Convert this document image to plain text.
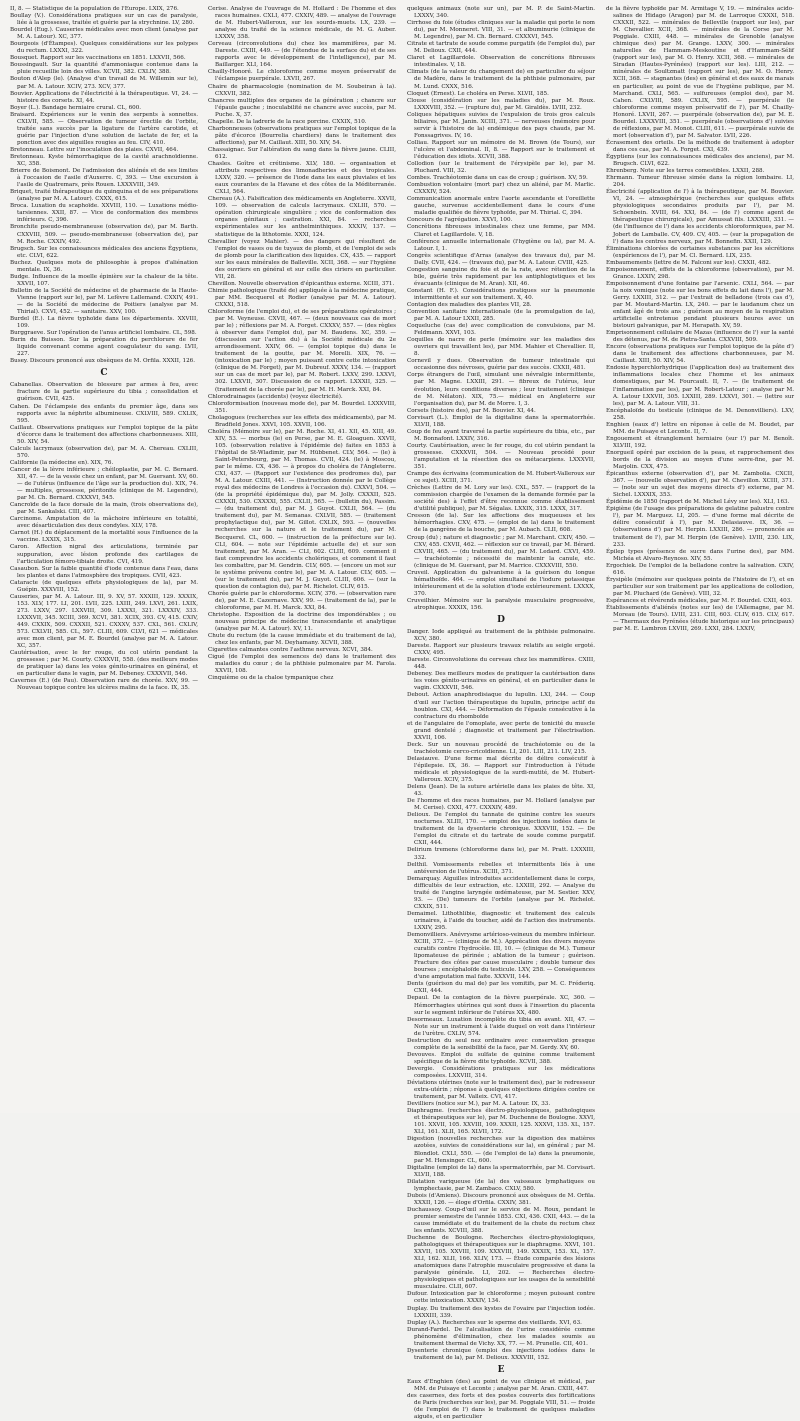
II, 8. — Statistique de la population de l'Europe. LXIX, 276.

Boullay (V.). Considérations pratiques sur un cas de paralysie, liée à la grossesse, traitée et guérie par la strychnine. LV, 280.

Bourdel (Eug.). Causeries médicales avec mon client (analyse par M. A. Latour). XC, 377.

Bourgeois (d'Étampes). Quelques considérations sur les polypes du rectum. LXXXI, 322.

Bousquet. Rapport sur les vaccinations en 1851. LXXVII, 566.

Boussingault. Sur la quantité d'ammoniaque contenue dans la pluie recueillie loin des villes. XCVII, 382. CXLIV, 388.

Bouton d'Alep (le). (Analyse d'un travail de M. Willemin sur le), par M. A. Latour. XCIV, 273. XCV, 377.

Bouvier. Applications de l'électricité à la thérapeutique. VI, 24. — histoire des corsets. XI, 44.

Boyer (L.). Bandage herniaire crural. CL, 600.

Braisard. Expériences sur le venin des serpents à sonnettes. CXLVII, 585. — Observation de tumeur érectile de l'orbite, traitée sans succès par la ligature de l'artère carotide, et guérie par l'injection d'une solution de lactate de fer, et la ponction avec des aiguilles rougies au feu. CIV, 410.

Bretonneau. Lettre sur l'inoculation des plaies. CXVII, 464.

Bretonneau. Kyste hémorrhagique de la cavité arachnoïdienne. XC, 358.

Brierre de Boismont. De l'admission des aliénés et de ses limites à l'occasion de l'asile d'Auxerre. C, 393. — Une excursion à l'asile de Quatremars, près Rouen. LXXXVIII, 349.

Briquet, traité thérapeutique du quinquina et de ses préparations (analyse par M. A. Latour). CXXX, 615.

Broca. Luxation du scaphoïde. XXVIII, 110. — Luxations médio-tarsiennes. XXII, 87. — Vice de conformation des membres inférieurs. C, 396.

Bronchite pseudo-membraneuse (observation de), par M. Barth. CXXVIII, 509. — pseudo-membraneuse (observation de), par M. Roche. CXXIV, 492.

Brugsch. Sur les connaissances médicales des anciens Égyptiens, etc. CLVI, 622.

Buchez. Quelques mots de philosophie à propos d'aliénation mentale. IX, 36.

Budge. Influence de la moelle épinière sur la chaleur de la tête. XXVII, 107.

Bulletin de la Société de médecine et de pharmacie de la Haute-Vienne (rapport sur le), par M. Lefèvre Lallemand. CXXIV, 491. — de la Société de médecine de Poitiers (analyse par M. Thirial). CXVI, 452. — sanitaire. XXV, 100.

Burdel (E.). La fièvre typhoïde dans les départements. XXVIII, 109.

Burggraeve. Sur l'opération de l'anus artificiel lombaire. CL, 598.

Burin du Buisson. Sur la préparation du perchlorure de fer liquide convenant comme agent coagulateur du sang. LVII, 227.

Busey. Discours prononcé aux obsèques de M. Orfila. XXXII, 126.

C

Cabanellas. Observation de blessure par armes à feu, avec fracture de la partie supérieure du tibia ; consolidation et guérison. CVII, 425.

Cahen. De l'éclampsie des enfants du premier âge, dans ses rapports avec la néphrite albumineuse. CXLVIII, 589. CXLIX, 595.

Caillaut. Observations pratiques sur l'emploi topique de la pâte d'écorce dans le traitement des affections charbonneuses. XIII, 50. XIV, 54.

Calculs lacrymaux (observation de), par M. A. Chereau. CXLIII, 570.

Californie (la médecine en). XIX, 76.

Cancer de la lèvre inférieure ; chéiloplastie, par M. C. Bernard. XII, 47. — de la vessie chez un enfant, par M. Guersant. XV, 60. — de l'utérus (influence de l'âge sur la production du). XIX, 74. — multiples, grossesse, péritonite (clinique de M. Legendre), par M. Ch. Bernard. CXXXVI, 545.

Cancroïde de la face dorsale de la main, (trois observations de), par M. Sankalski. CIII, 407.

Carcinome. Amputation de la mâchoire inférieure en totalité, avec désarticulation des deux condyles. XLV, 178.

Carnot (H.) du déplacement de la mortalité sous l'influence de la vaccine. LXXIX, 315.

Caron. Affection nigral des articulations, terminée par suppuration, avec lésion profonde des cartilages de l'articulation fémoro-tibiale droite. CVI, 419.

Casaubon. Sur la faible quantité d'iode contenue dans l'eau, dans les plantes et dans l'atmosphère des tropiques. CVII, 423.

Cataracte (de quelques effets physiologiques de la), par M. Guépin. XXXVIII, 152.

Causeries, par M. A. Latour. III, 9. XV, 57. XXXIII, 129. XXXIX, 153. XLV, 177. LI, 201. LVII, 225. LXIII, 249. LXVI, 261. LXIX, 273. LXXV, 297. LXXVIII, 309. LXXXI, 321. LXXXIV, 333. LXXXVII, 345. XCIII, 369. XCVI, 381. XCIX, 393. CV, 415. CXIV, 449. CXXIX, 509. CXXXII, 521. CXXXV, 537. CXL, 561. CXLIV, 573. CXLVII, 585. CL, 597. CLIII, 609. CLVI, 621 — médicales avec mon client, par M. E. Bourdel (analyse par M. A. Latour. XC, 357.

Cautérisation, avec le fer rouge, du col utérin pendant la grossesse ; par M. Courty. CXXXVII, 558. (des meilleurs modes de pratiquer la) dans les voies génito-urinaires en général, et en particulier dans le vagin, par M. Debeney. CXXXVII, 546.

Cavernes (E.) (de Pau). Observation rare de chorée. XXV, 99. — Nouveau topique contre les ulcères malins de la face. IX, 35.

Cerise. Analyse de l'ouvrage de M. Hollard : De l'homme et des races humaines. CXLI, 477. CXXIV, 489. — analyse de l'ouvrage de M. Hubert-Valleroux, sur les sourds-muets. LX, 239. — analyse du traité de la science médicale, de M. G. Auber. LXXXV, 358.

Cerveau (circonvolutions du) chez les mammifères, par M. Dareste. CXIII, 449. — (de l'étendue de la surface du) et de ses rapports avec le développement de l'intelligence), par M. Baillarger. XLI, 164.

Chailly-Honoré. Le chloroforme comme moyen préservatif de l'éclampsie puerpérale. LXVII, 267.

Chaire de pharmacologie (nomination de M. Soubeiran à la). CXXVII, 382.

Chancres multiples des organes de la génération ; chancre sur l'épaule gauche ; inoculabilité ne chancre avec succès, par M. Puche. X, 37.

Chapelle. De la ladrerie de la race porcine. CXXIX, 510.

Charbonneuses (observations pratiques sur l'emploi topique de la pâte d'écorce (Bourrelia chardiers) dans le traitement des affections), par M. Caillaut. XIII, 50. XIV, 54.

Chassaignac. Sur l'altération du sang dans la fièvre jaune. CLIII, 612.

Chasles. Goître et crétinisme. XLV, 180. — organisation et attributs respectives des limonadheries et des tropicales. LXXV, 320. — présence de l'iode dans les eaux pluviales et les eaux courantes de la Havane et des côtes de la Méditerranée. CXLI, 564.

Chereau (A.). Falsification des médicaments en Angleterre. XXVII, 109. — observation de calculs lacrymaux. CXLIII, 570. — opération chirurgicale singulière ; vice de conformation des organes génitaux ; castration. XXI, 84. — recherches expérimentales sur les anthelminthiques. XXXIV, 137. — statistique de la lithotomie. XXXI, 124.

Chevallier (voyez Mahier). — des dangers qui résultent de l'emploi de vases ou de tuyaux de plomb, et de l'emploi de sels de plomb pour la clarification des liquides. CX, 435. — rapport sur les eaux minérales de Balleville. XCII, 368. — sur l'hygiène des ouvriers en général et sur celle des ciriers en particulier. VII, 28.

Chevillon. Nouvelle observation d'épicanthus externe. XCIII, 371.

Chimie pathologique (traité de) appliquée à la médecine pratique, par MM. Becquerel et Rodier (analyse par M. A. Latour). CXXXI, 518.

Chloroforme (de l'emploi du), et de ses préparations opératoires ; par M. Veyneuse. CXVII, 467. — (deux nouveaux cas de mort par le) ; réflexions par M. A. Forget. CXXXV, 557. — (des règles à observer dans l'emploi du), par M. Baudens. XC, 359. — (discussion sur l'action du) à la Société médicale du 2e arrondissement. XXIV, 66. — (emploi topique du) dans le traitement de la goutte, par M. Morelli. XIX, 76. — (intoxication par le) ; moyen puissant contre cette intoxication (clinique de M. Forget), par M. Dubreuf. XXXV, 134. — (rapport sur un cas de mort par le), par M. Robert. LXXV, 299. LXXVI, 302. LXXVII, 307. Discussion de ce rapport. LXXXII, 325. — (traitement de la chorée par le), par M. H. Marck. XXI, 84.

Chlorodrainages (accidents) (voyez électricité).

Chloroformisation (nouveau mode de), par M. Bourdel. LXXXVIII, 351.

Cholagogues (recherches sur les effets des médicaments), par M. Bradfield Jones. XXVI, 105. XXVII, 106.

Choléra (Mémoire sur le), par M. Roche. XI, 41. XII, 45. XIII, 49. XIV, 53. — morbus (le) en Perse, par M. E. Gloaguen. XXVII, 105. (observation relative à l'épidémie de) faites en 1853 à l'hôpital de St-Wladimir, par M. Hübbenet. CLV, 564. — (le) à Saint-Petersbourg, par M. Thomas. CVII, 424. (le) à Moscou, par le même. CX, 436. — à propos du choléra de l'Angleterre. CXI, 437. — (Rapport sur l'existence des prodromes du), par M. A. Latour. CXIII, 441. — (Instruction donnée par le Collège royal des médecins de Londres à l'occasion du). CXXVI, 504. — (de la propriété épidémique du), par M. Jolly. CXXXII, 525. CXXXII, 530. CXXXXI, 555. CXLII, 565. — (bulletin du), Passim. — (du traitement du), par M. J. Guyot. CXLII, 564. — (du traitement du), par M. Semanas. CXLVII, 585. — (traitement prophylactique du), par M. Gillot. CXLIX, 593. — (nouvelles recherches sur la nature et le traitement du), par M. Becquerel. CL, 600. — (instruction de la préfecture sur le). CLI, 604. — note sur l'épidémie actuelle de) et sur son traitement, par M. Aran. — CLI, 602. CLIII, 609. comment il faut comprendre les accidents cholériques, et comment il faut les combattre, par M. Gendrin. CLV, 605. — (encore un mot sur le système prévenu contre le), par M. A. Latour. CLV, 605. — (sur le traitement du), par M. J. Guyot. CLIII, 606. — (sur la question de contagion du), par M. Richelot. CLIV, 615.

Chorée guérie par le chloroforme. XCIV, 376. — (observation rare de), par M. E. Cazernave. XXV, 99. — (traitement de la), par le chloroforme, par M. H. Marck. XXI, 84.

Christophe. Exposition de la doctrine des impondérables ; ou nouveau principe de médecine transcendante et analytique (analyse par M. A. Latour). XV, 11.

Chute du rectum (de la cause immédiate et du traitement de la), chez les enfants, par M. Deyhamany. XCVII, 388.

Cigarettes calmantes contre l'asthme nerveux. XCVI, 384.

Cigué (de l'emploi des semences de) dans le traitement des maladies du cœur ; de la phthisie pulmonaire par M. Farola. XXVII, 108.

Cinquième ou de la chaloe tympanique chez

quelques animaux (note sur un), par M. P. de Saint-Martin. LXXXV, 340.

Cirrhose du foie (études cliniques sur la maladie qui porte le nom du), par M. Monneret. VIII, 31. — et albuminurie (clinique de M. Legendre), par M. Ch. Bernard. CXXXVI, 545.

Citrate et tartrate de soude comme purgatifs (de l'emploi du), par M. Delioux. CXII, 444.

Claret et Lagillardole. Observation de concrétions fibreuses intestinales. V, 18.

Climats (de la valeur du changement de) en particulier du séjour de Madère, dans le traitement de la phthisie pulmonaire, par M. Lund. CXXX, 516.

Cloquet (Ernest). Le choléra en Perse. XLVII, 185.

Clouse (considération sur les maladies du), par M. Roux. LXXXVIII, 352. — (rupture du), par M. Giraldès. LVIII, 232.

Coliques hépatiques suivies de l'expulsion de trois gros calculs biliaires, par M. Janin. XCIII, 371. — nerveuses (mémoire pour servir à l'histoire de la) endémique des pays chauds, par M. Fonssagrives. IV, 16.

Colliau. Rapport sur un mémoire de M. Brown (de Tours), sur l'ulcère et l'abdominal. II, 8. — Rapport sur le traitement et l'éducation des idiots. XCVII, 388.

Collodion (sur le traitement de l'érysipèle par le), par M. Pluchard. VIII, 32.

Combes. Trachéotomie dans un cas de croup ; guérison. XV, 59.

Combustion volontaire (mort par) chez un aliéné, par M. Marlic. CXXXIV, 524.

Communication anormale entre l'aorte ascendante et l'oreillette gauche, survenue accidentellement dans le cours d'une maladie qualifiée de fièvre typhoïde, par M. Thirial. C, 394.

Concours de l'agrégation. XXVI, 100.

Concrétions fibreuses intestinales chez une femme, par MM. Claret et Lagillardole. V, 18.

Conférence annuelle internationale (l'hygiène ou la), par M. A. Latour. I, 1.

Congrès scientifique d'Arras (analyse des travaux du), par M. Dally. CVII, 424. — (travaux du), par M. A. Latour. CVIII, 425.

Congestion sanguine du foie et de la rate, avec rétention de la bile, guérie très rapidement par les antiphlogistiques et les évacuants (clinique de M. Aran). XII, 46.

Constant (H. F.). Considérations pratiques sur la pneumonie intermittente et sur son traitement. X, 40.

Contagion des maladies des plantes VII, 28.

Convention sanitaire internationale (de la promulgation de la), par M. A. Latour LXXII, 285.

Coqueluche (cas de) avec complication de convulsions, par M. Feldmann. XXVI, 103.

Coquilles de nacre de perle (mémoire sur les maladies des ouvriers qui travaillent les), par MM. Mahier et Chevallier. II, 8.

Cornevil y dues. Observation de tumeur intestinale qui occasionne des névroses, guérie par des succès. CXXII, 481.

Corps étrangers de l'œil, simulant une névralgie intermittente, par M. Magne. LXXIII, 291. — fibreux de l'utérus, leur évolution, leurs conditions diverses ; leur traitement (clinique de M. Nélaton). XIX, 75.— médical en Angleterre sur l'organisation du), par M. de Morre. I, 3.

Corsets (histoire des), par M. Bouvier. XI, 44.

Corvisart (L.). Emploi de la digitaline dans la spermatorrhée. XLVII, 188.

Coup de feu ayant traversé la partie supérieure du tibia, etc., par M. Bonnafont. LXXIV, 316.

Courty. Cautérisation, avec le fer rouge, du col utérin pendant la grossesse. CXXXVII, 504. — Nouveau procédé pour l'amputation et la résection des os métacarpiens. LXXXVII, 351.

Crampe des écrivains (communication de M. Hubert-Valleroux sur ce sujet). XCIII, 371.

Crèches (Lettre de M. Lory sur les). CXL, 557. — (rapport de la commission chargée de l'examen de la demande formée par la société des) à l'effet d'être reconnue comme établissement d'utilité publique), par M. Ségalas. LXXIX, 315. LXXX, 317.

Cresson (de la). Sur les affections des muqueuses et les hémorrhagies. CXV, 475. — (emploi de la) dans le traitement de la gangrène de la bouche, par M. Aubach. CLII, 608.

Croup (du) ; nature et diagnostic ; par M. Marchant. CXIV, 450. — CXV, 455. CXVII, 462. — réflexion sur ce travail, par M. Bérard. CXVIII, 465. — (du traitement du), par M. Ledard. CXVI, 459. — trachéotomie ; nécessité de maintenir la canule, etc. (clinique de M. Guersant, par M. Marrice. CXXXVIII, 550.

Cruveil. Application du galvanisme à la guérison du longue hémathoïde. 464. — emploi simultané de l'iodure potassique intérieurement et de la solution d'iode extérieurement. LXXXX, 370.

Cruveilhier. Mémoire sur la paralysie musculaire progressive, atrophique. XXXIX, 156.

D

Danger. Iode appliqué au traitement de la phthisie pulmonaire. XCV, 380.

Dareste. Rapport sur plusieurs travaux relatifs au seigle ergoté. CXXV, 495.

Dareste. Circonvolutions du cerveau chez les mammifères. CXIII, 448.

Debeney. Des meilleurs modes de pratiquer la cautérisation dans les voies génito-urinaires en général, et en particulier dans le vagin. CXXXVII, 546.

Debout. Action anaphrodisiaque du lupulin. LXI, 244. — Coup d'œil sur l'action thérapeutique du lupulin, principe actif du houblon. CXI, 444. — Déformation de l'épaule consécutive à la contracture du rhomboïde

et de l'angulaire de l'omoplate, avec perte de tonicité du muscle grand dentelé ; diagnostic et traitement par l'électrisation. XXVII, 106.

Deck. Sur un nouveau procédé de trachéotomie ou de la trachéotomie cerco-cricoïdienne. LI, 201. LIII, 211. LIV, 215.

Delasiauve. D'une forme mal décrite de délire consécutif à l'épilepsie. IX, 36. — Rapport sur l'introduction à l'étude médicale et physiologique de la surdi-mutité, de M. Hubert-Valleroux. XCIV, 375.

Delens (Jean). De la suture artérielle dans les plaies de tête. XI, 43.

De l'homme et des races humaines, par M. Hollard (analyse par M. Cerise). CXXI, 477. CXXXIV, 489.

Delioux. De l'emploi du tannate de quinine contre les sueurs nocturnes. XLIII, 170. — emploi des injections iodées dans le traitement de la dysenterie chronique. XXXVIII, 152. — De l'emploi du citrate et du tartrate de soude comme purgatif. CXII, 444.

Delirium tremens (chloroforme dans le), par M. Pratt. LXXXIII, 332.

Delthil. Vomissements rebelles et intermittents liés à une antéversion de l'utérus. XCIII, 371.

Demarquay. Aiguilles introduites accidentellement dans le corps, difficultés de leur extraction, etc. LXXIII, 292. — Analyse du traité de l'angine laryngée œdémateuse, par M. Sestier. XXV, 93. — (De) tumeurs de l'orbite (analyse par M. Richelot. CXXIX, 511.

Demaimel. Lithothlibie, diagnostic et traitement des calculs urinaires, à l'aide du toucher, aidé de l'action des instruments. LXXIV, 295.

Demonvilliers. Anévrysme artérioso-veineux du membre inférieur. XCIII, 372. — (clinique de M.). Apprécation des divers moyens curatifs contre l'hydrocèle. III, 10. — (clinique de M.). Tumeur lipomateuse de périnée ; ablation de la tumeur ; guérison. Fracture des côtes par cause musculaire ; double tumeur des bourses ; encéphaloïde du testicule. LXV, 258. — Conséquences d'une amputation mal faite. XXXVII, 144.

Dents (guérison du mal de) par les vomitifs, par M. C. Fréderiq. CXII, 444.

Depaul. De la contagion de la fièvre puerpérale. XC, 360. — Hémorrhagies utérines qui sont dues à l'insertion du placenta sur le segment inférieur de l'utérus XX, 480.

Desormeaux. Luxation incomplète du tibia en avant. XII, 47. — Note sur un instrument à l'aide duquel on voit dans l'intérieur de l'urètre. CXLIV, 574.

Destruction du seul nez ordinaire avec conservation presque complète de la sensibilité de la face, par M. Gerdy. XV, 60.

Devouves. Emploi du sulfate de quinine comme traitement spécifique de la fièvre dite typhoïde. XCVII, 388.

Devergie. Considérations pratiques sur les médications composées. LXXVIII, 314.

Déviations utérines (note sur le traitement des), par le redresseur extra-utérin ; réponse à quelques objections dirigées contre ce traitement, par M. Valleix. CVI, 417.

Devilliers (notice sur M.), par M. A. Latour. IX, 33.

Diaphragme. (recherches électro-physiologiques, pathologiques et thérapeutiques sur le), par M. Duchenne de Boulogne. XXVI, 101. XXVII, 105. XXVIII, 109. XXXII, 125. XXXVI, 135. XL, 157. XLI, 161. XLII, 165. XLVII, 172.

Digestion (nouvelles recherches sur la digestion des matières azotées, suivies de considérations sur la), en général ; par M. Blondlot. CXLI, 550. — (de l'emploi de la) dans la pneumonie, par M. Hensinger. CL, 600.

Digitaline (emploi de la) dans la spermatorrhée, par M. Corvisart. XLVII, 188.

Dilatation variqueuse (de la) des vaisseaux lymphatiques ou lymphectasie, par M. Zambaco. CXLV, 580.

Dubois (d'Amiens). Discours prononcé aux obsèques de M. Orfila. XXXII, 126. — éloge d'Orfila. CXXIV, 381.

Duchaussoy. Coup-d'œil sur le service de M. Roux, pendant le premier semestre de l'année 1853. CXI, 436. CXII, 443. — de la cause immédiate et du traitement de la chute du rectum chez les enfants. XCVIII, 388.

Duchenne de Boulogne. Recherches électro-physiologiques, pathologiques et thérapeutiques sur le diaphragme. XXVI, 101. XXVII, 105. XXVIII, 109. XXXVIII, 149. XXXIX, 153. XL, 157. XLI, 162. XLII, 166. XLIV, 173. — Étude comparée des lésions anatomiques dans l'atrophie musculaire progressive et dans la paralysie générale. LI, 202. — Recherches électro-physiologiques et pathologiques sur les usages de la sensibilité musculaire. CLII, 607.

Dufour. Intoxication par le chloroforme ; moyen puissant contre cette intoxication. XXXIV, 134.

Duplay. Du traitement des kystes de l'ovaire par l'injection iodée. LXXXIII, 339.

Duplay (A.). Recherches sur le sperme des vieillards. XVI, 63.

Durand-Fardel. De l'alcalisation de l'urine considérée comme phénomène d'élimination, chez les malades soumis au traitement thermal de Vichy. XX, 77. — M. Prunelle. CII, 401.

Dysenterie chronique (emploi des injections iodées dans le traitement de la), par M. Delioux. XXXVIII, 152.

E

Eaux d'Enghien (des) au point de vue clinique et médical, par MM. de Puisaye et Leconte ; analyse par M. Aran. CXIII, 447.

des casernes, des forts et des postes couverts des fortifications de Paris (recherches sur les), par M. Poggiale VIII, 51. — froide (de l'emploi de l') dans le traitement de quelques maladies aiguës, et en particulier

de la fièvre typhoïde par M. Armitage V, 19. — minérales acido-salines de Hidago (Aragon) par M. de Larroque CXXXI, 518. CXXXII, 522. — minérales de Belleville (rapport sur les), par M. Chevallier. XCII, 368. — minérales de la Corse par M. Poggiale. CXIII, 448. — minérales de Grenoble (analyse chimique des) par M. Grange. LXXV, 300. — minérales naturelles de Hammam-Meskoutine et d'Hammam-Sélif (rapport sur les), par M. O. Henry. XCII, 368. — minérales de Siradan (Hautes-Pyrénées) (rapport sur les). LIII, 212. — minérales de Soultzmatt (rapport sur les), par M. O. Henry. XCII, 368. — stagnantes (des) en général et des eaux de marais en particulier, au point de vue de l'hygiène publique, par M. Marchand. CXLI, 565. — sulfureuses (emploi des), par M. Cahen. CXLVIII, 589. CXLIX, 595. — puerpérale (le chloroforme comme moyen préservatif de l'), par M. Chailly-Honoré. LXVII, 267. — puerpérale (observation de), par M. E. Bourdel. LXXXVIII, 351. — puerpérale (observations d') suivies de réflexions, par M. Monot. CLIII, 611. — puerpérale suivie de mort (observation d'), par M. Salvator. LVII, 226.

Écrasement des orteils. De la méthode de traitement à adopter dans ces cas, par M. A. Forget. CXI, 439.

Égyptiens (sur les connaissances médicales des anciens), par M. Brugsch. CLVI, 622.

Ehrenberg. Note sur les terres comestibles. LXXII, 288.

Ehrmann. Tumeur fibreuse simée dans la région lombaire. LI, 204.

Électricité (application de l') à la thérapeutique, par M. Bouvier. VI, 24. — atmosphérique (recherches sur quelques effets physiologiques secondaires produits par l'), par M. Schoenbein. XVIII, 64. XXI, 84. — (de l') comme agent de thérapeutique chirurgicale), par Amussat fils. LXXXIII, 331. — (de l'influence de l') dans les accidents chloroformiques, par M. Jobert de Lamballe. CV, 409. CV, 405. — (sur la propagation de l') dans les centres nerveux, par M. Bonnefin. XXII, 129.

Éliminations chlorées de certaines substances par les sécrétions (expériences de l'), par M. Cl. Bernard. LIX, 235.

Embaumements (lettre de M. Falconi sur les). CXXII, 482.

Empoisonnement, effets de la chloroforme (observation), par M. Grance. LXXIV, 298.

Empoisonnement d'une fontaine par l'arsenic. CXLI, 564. — par la noix vomique (note sur les bons effets du lait dans l'), par M. Gerry. LXXIII, 312. — par l'extrait de belladone (trois cas d'), par M. Moutard-Martin. LX, 240. — par le laudanum chez un enfant âgé de trois ans ; guérison au moyen de la respiration artificielle entretenue pendant plusieurs heures avec un bistouri galvanique, par M. Herapath. XV, 59.

Emprisonnement cellulaire de Mazas (influence de l') sur la santé des détenus, par M. de Pietra-Santa. CXXVIII, 509.

Encore (observations pratiques sur l'emploi topique de la pâte d') dans le traitement des affections charbonneuses, par M. Caillaut. XIII, 50. XIV, 54.

Endoxie hyperchlorhydrique (l'application des) au traitement des inflammations locales chez l'homme et les animaux domestiques, par M. Fourcault. II, 7. — (le traitement de l'inflammation par les), par M. Robert-Latour ; analyse par M. A. Latour LXXVII, 305. LXXIII, 289. LXXVI, 301. — (lettre sur les), par M. A. Latour. VIII, 31.

Encéphaloïde du testicule (clinique de M. Denonvilliers). LXV, 258.

Enghien (eaux d') lettre en réponse à celle de M. Boudet, par MM. de Puisaye et Leconte. II, 7.

Engouement et étranglement herniaire (sur l') par M. Benoît. XLVIII, 192.

Enorgueil opéré par excision de la peau, et rapprochement des bords de la division au moyen d'une serre-fine, par M. Marjolin. CXX, 475.

Épicanthus externe (observation d'), par M. Zambolia. CXCII, 367. — (nouvelle observation d'), par M. Chevillon. XCIII, 371. — (note sur un sujet des moyens directs d') externe, par M. Sichel. LXXXIX, 353.

Épidémie de 1850 (rapport de M. Michel Lévy sur les). XLI, 163.

Épigiène (de l'usage des préparations de gelatine palustre contre l'), par M. Marguez. LI, 205. — d'une forme mal décrite de délire consécutif à l'), par M. Delasiauve. IX, 36. — (observations d') par M. Herpin. LXXIII, 286. — prononcée au traitement de l'), par M. Herpin (de Genève). LVIII, 230. LIX, 233.

Épilep types (présence de sucre dans l'urine des), par MM. Michéa et Alvaro-Reynoso. XIV, 55.

Ergochiek. De l'emploi de la belladone contre la salivation. CXIV, 616.

Érysipèle (mémoire sur quelques points de l'histoire de l'), et en particulier sur son traitement par les applications de collodion, par M. Pluchard (de Genève). VIII, 32.

Espérances et révérends médicales, par M. F. Bourdel. CXII, 403.

Établissements d'aliénés (notes sur les) de l'Allemagne, par M. Moreau (de Tours). LVIII, 231. CIII, 603. CLIV, 615. CLV, 617. — Thermaux des Pyrénées (étude historique sur les principaux) par M. E. Lambron LXVIII, 269. LXXI, 284. LXXIV,
